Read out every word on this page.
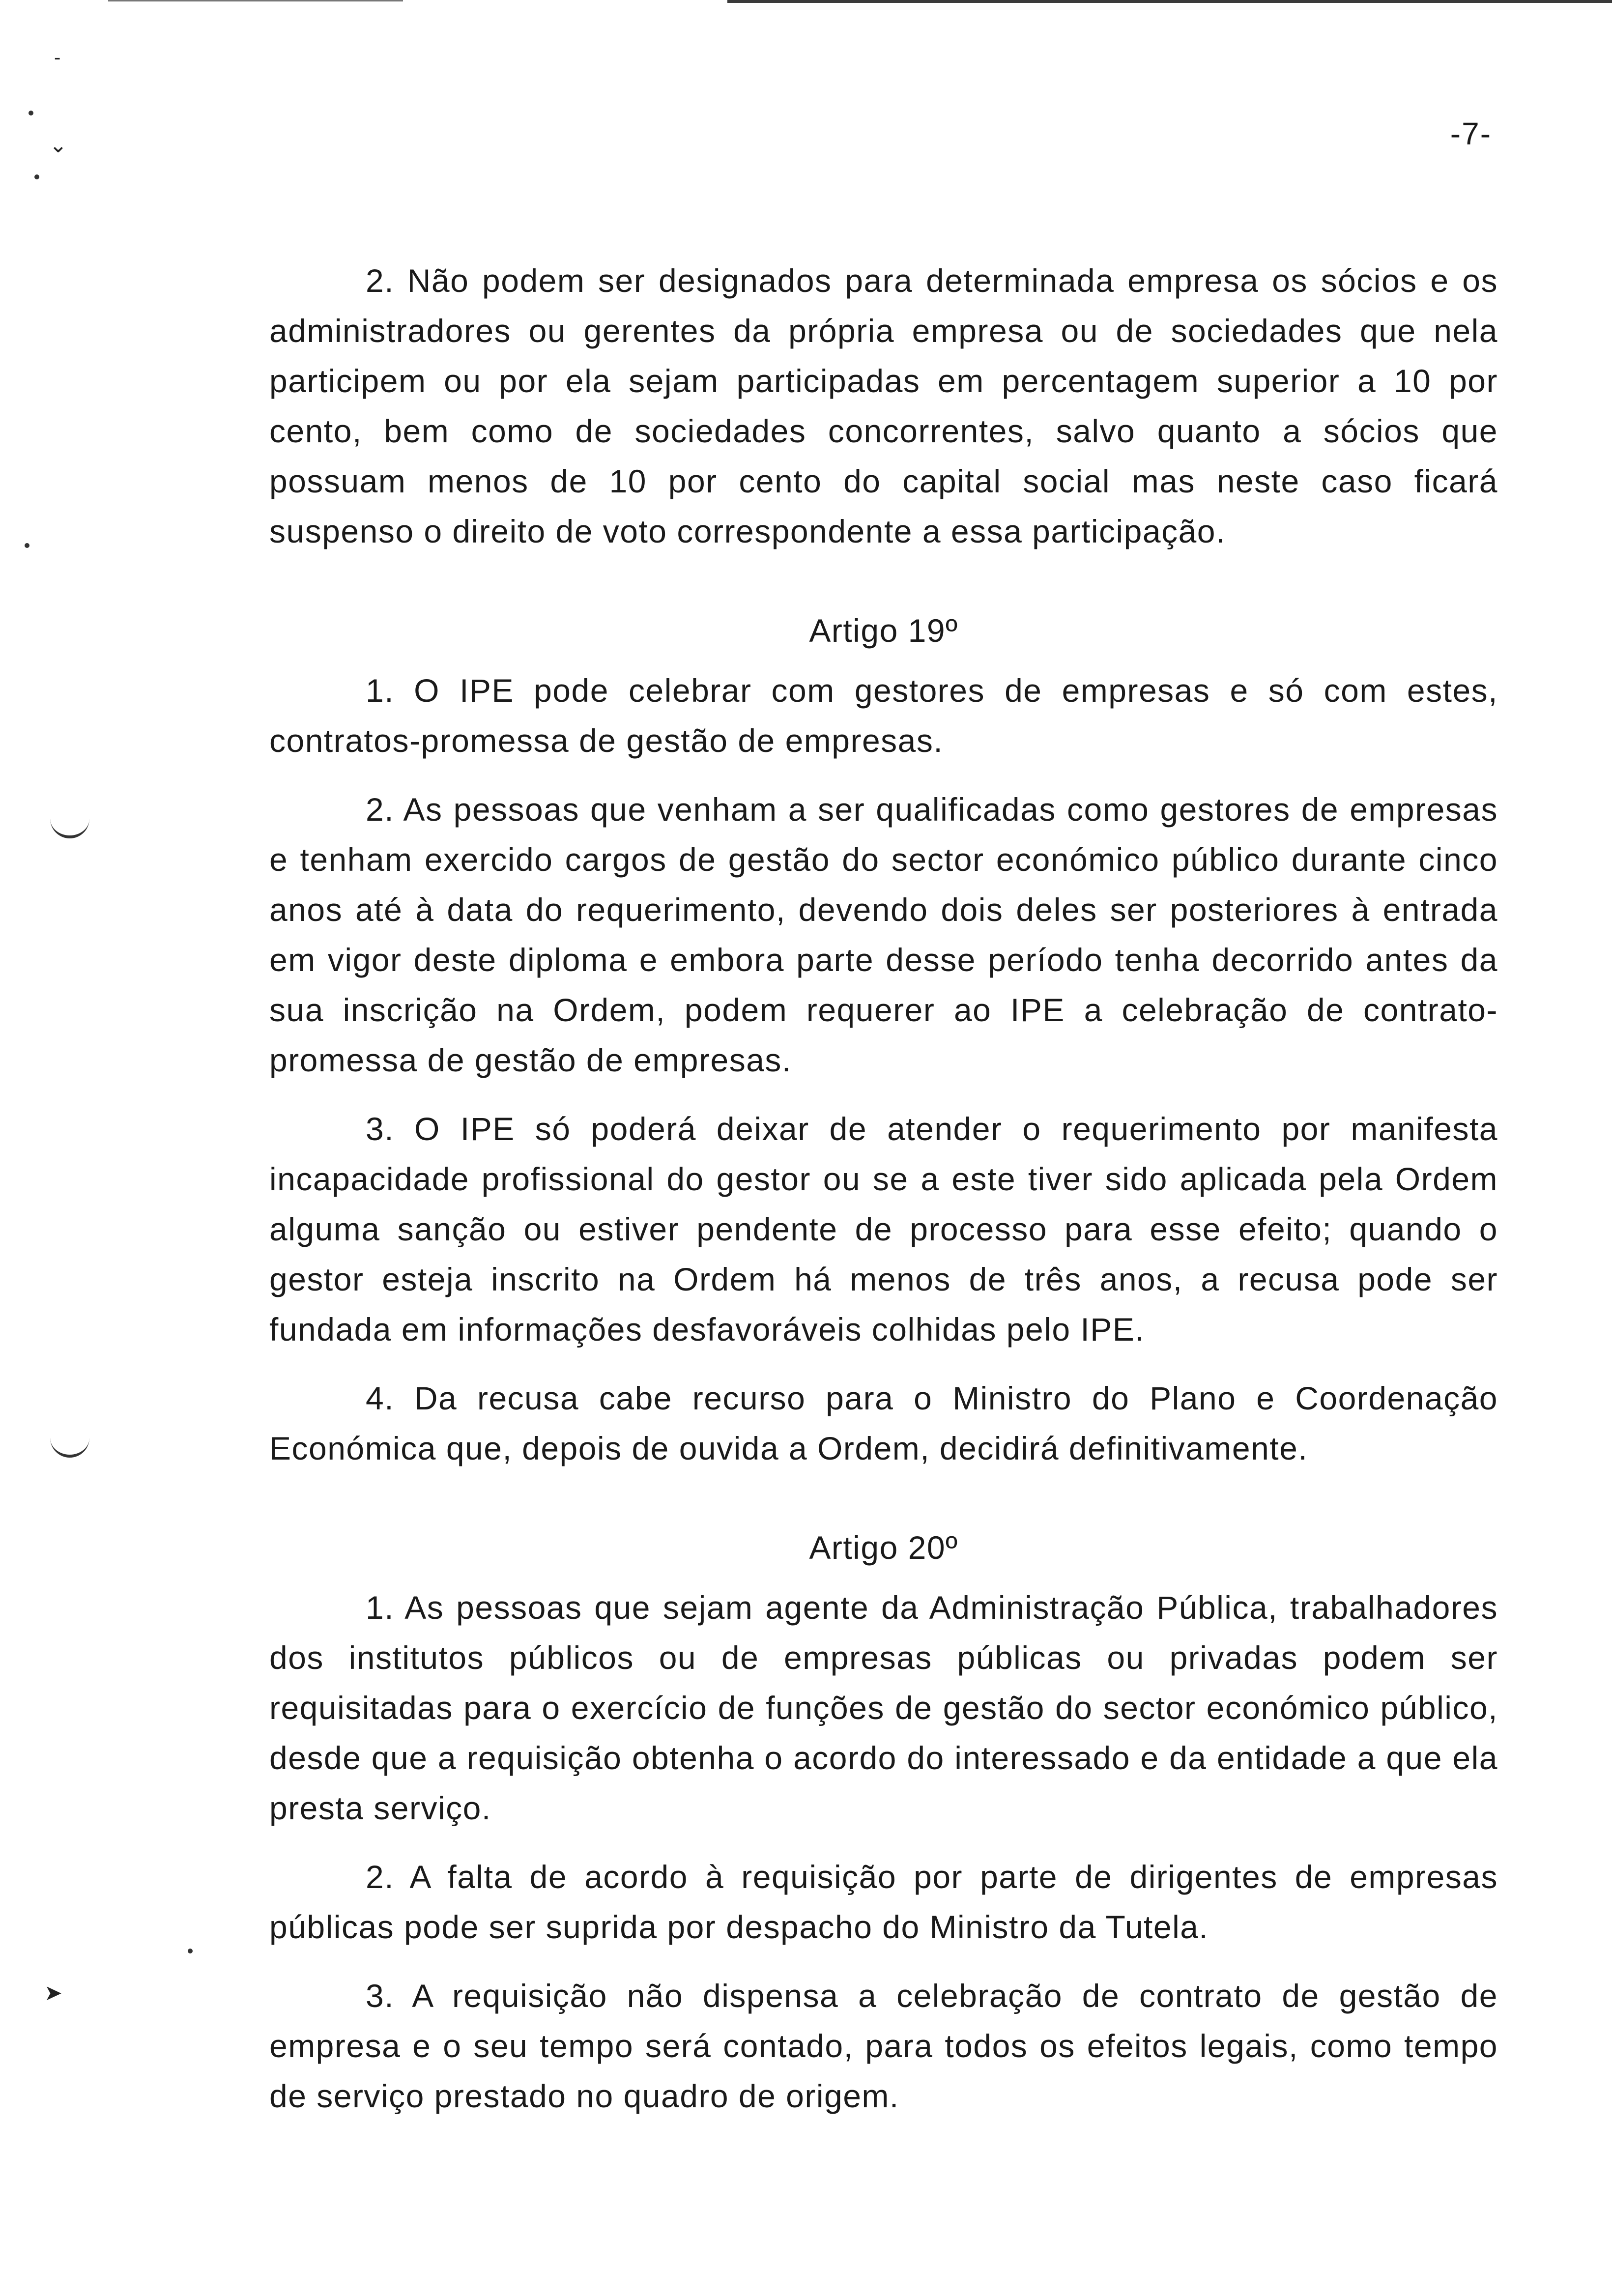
‐
⌄
➤
-7-

2. Não podem ser designados para determinada empresa os sócios e os administradores ou gerentes da própria empresa ou de sociedades que nela participem ou por ela sejam participadas em percentagem superior a 10 por cento, bem como de sociedades concorrentes, salvo quanto a sócios que possuam menos de 10 por cento do capital social mas neste caso ficará suspenso o direito de voto correspondente a essa participação.

Artigo 19º

1. O IPE pode celebrar com gestores de empresas e só com estes, contratos-promessa de gestão de empresas.

2. As pessoas que venham a ser qualificadas como gestores de empresas e tenham exercido cargos de gestão do sector económico público durante cinco anos até à data do requerimento, devendo dois deles ser posteriores à entrada em vigor deste diploma e embora parte desse período tenha decorrido antes da sua inscrição na Ordem, podem requerer ao IPE a celebração de contrato-promessa de gestão de empresas.

3. O IPE só poderá deixar de atender o requerimento por manifesta incapacidade profissional do gestor ou se a este tiver sido aplicada pela Ordem alguma sanção ou estiver pendente de processo para esse efeito; quando o gestor esteja inscrito na Ordem há menos de três anos, a recusa pode ser fundada em informações desfavoráveis colhidas pelo IPE.

4. Da recusa cabe recurso para o Ministro do Plano e Coordenação Económica que, depois de ouvida a Ordem, decidirá definitivamente.

Artigo 20º

1. As pessoas que sejam agente da Administração Pública, trabalhadores dos institutos públicos ou de empresas públicas ou privadas podem ser requisitadas para o exercício de funções de gestão do sector económico público, desde que a requisição obtenha o acordo do interessado e da entidade a que ela presta serviço.

2. A falta de acordo à requisição por parte de dirigentes de empresas públicas pode ser suprida por despacho do Ministro da Tutela.

3. A requisição não dispensa a celebração de contrato de gestão de empresa e o seu tempo será contado, para todos os efeitos legais, como tempo de serviço prestado no quadro de origem.
